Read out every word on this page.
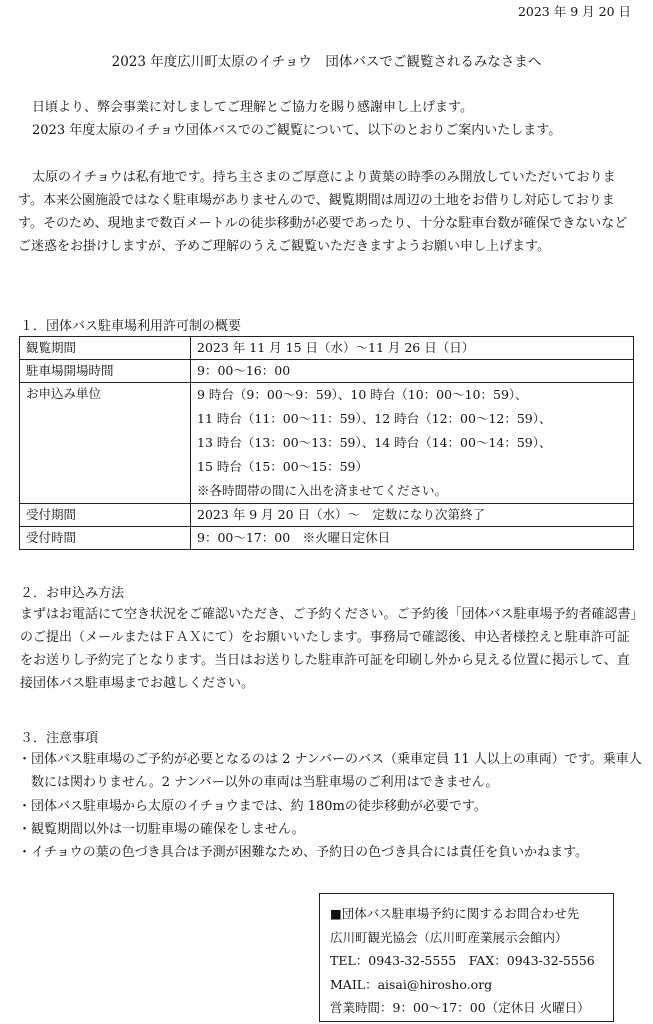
2023 年 9 月 20 日
2023 年度広川町太原のイチョウ　団体バスでご観覧されるみなさまへ
日頃より、弊会事業に対しましてご理解とご協力を賜り感謝申し上げます。
2023 年度太原のイチョウ団体バスでのご観覧について、以下のとおりご案内いたします。

太原のイチョウは私有地です。持ち主さまのご厚意により黄葉の時季のみ開放していただいております。本来公園施設ではなく駐車場がありませんので、観覧期間は周辺の土地をお借りし対応しております。そのため、現地まで数百メートルの徒歩移動が必要であったり、十分な駐車台数が確保できないなどご迷惑をお掛けしますが、予めご理解のうえご観覧いただきますようお願い申し上げます。

１．団体バス駐車場利用許可制の概要

観覧期間	2023 年 11 月 15 日（水）～11 月 26 日（日）

駐車場開場時間	9：00～16：00

お申込み単位	9 時台（9：00～9：59）、10 時台（10：00～10：59）、
11 時台（11：00～11：59）、12 時台（12：00～12：59）、
13 時台（13：00～13：59）、14 時台（14：00～14：59）、
15 時台（15：00～15：59）
※各時間帯の間に入出を済ませてください。

受付期間	2023 年 9 月 20 日（水）～　定数になり次第終了

受付時間	9：00～17：00　※火曜日定休日

２．お申込み方法

まずはお電話にて空き状況をご確認いただき、ご予約ください。ご予約後「団体バス駐車場予約者確認書」のご提出（メールまたはＦＡＸにて）をお願いいたします。事務局で確認後、申込者様控えと駐車許可証をお送りし予約完了となります。当日はお送りした駐車許可証を印刷し外から見える位置に掲示して、直接団体バス駐車場までお越しください。

３．注意事項

・団体バス駐車場のご予約が必要となるのは 2 ナンバーのバス（乗車定員 11 人以上の車両）です。乗車人数には関わりません。2 ナンバー以外の車両は当駐車場のご利用はできません。
・団体バス駐車場から太原のイチョウまでは、約 180mの徒歩移動が必要です。
・観覧期間以外は一切駐車場の確保をしません。
・イチョウの葉の色づき具合は予測が困難なため、予約日の色づき具合には責任を負いかねます。
■団体バス駐車場予約に関するお問合わせ先
広川町観光協会（広川町産業展示会館内）
TEL：0943-32-5555　FAX：0943-32-5556
MAIL：aisai@hirosho.org
営業時間：9：00～17：00（定休日 火曜日）
